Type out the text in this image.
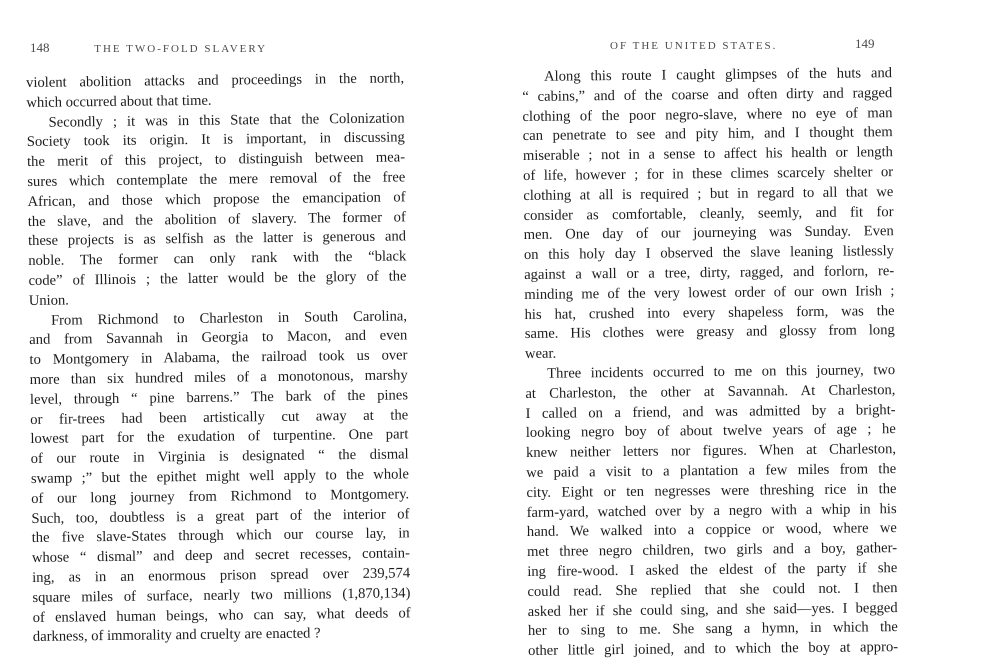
148	THE TWO-FOLD SLAVERY
violent abolition attacks and proceedings in the north,
which occurred about that time.
Secondly ; it was in this State that the Colonization
Society took its origin. It is important, in discussing
the merit of this project, to distinguish between mea-
sures which contemplate the mere removal of the free
African, and those which propose the emancipation of
the slave, and the abolition of slavery. The former of
these projects is as selfish as the latter is generous and
noble. The former can only rank with the “black
code” of Illinois ; the latter would be the glory of the
Union.
From Richmond to Charleston in South Carolina,
and from Savannah in Georgia to Macon, and even
to Montgomery in Alabama, the railroad took us over
more than six hundred miles of a monotonous, marshy
level, through “ pine barrens.” The bark of the pines
or fir-trees had been artistically cut away at the
lowest part for the exudation of turpentine. One part
of our route in Virginia is designated “ the dismal
swamp ;” but the epithet might well apply to the whole
of our long journey from Richmond to Montgomery.
Such, too, doubtless is a great part of the interior of
the five slave-States through which our course lay, in
whose “ dismal” and deep and secret recesses, contain-
ing, as in an enormous prison spread over 239,574
square miles of surface, nearly two millions (1,870,134)
of enslaved human beings, who can say, what deeds of
darkness, of immorality and cruelty are enacted ?
OF THE UNITED STATES.	149
Along this route I caught glimpses of the huts and
“ cabins,” and of the coarse and often dirty and ragged
clothing of the poor negro-slave, where no eye of man
can penetrate to see and pity him, and I thought them
miserable ; not in a sense to affect his health or length
of life, however ; for in these climes scarcely shelter or
clothing at all is required ; but in regard to all that we
consider as comfortable, cleanly, seemly, and fit for
men. One day of our journeying was Sunday. Even
on this holy day I observed the slave leaning listlessly
against a wall or a tree, dirty, ragged, and forlorn, re-
minding me of the very lowest order of our own Irish ;
his hat, crushed into every shapeless form, was the
same. His clothes were greasy and glossy from long
wear.
Three incidents occurred to me on this journey, two
at Charleston, the other at Savannah. At Charleston,
I called on a friend, and was admitted by a bright-
looking negro boy of about twelve years of age ; he
knew neither letters nor figures. When at Charleston,
we paid a visit to a plantation a few miles from the
city. Eight or ten negresses were threshing rice in the
farm-yard, watched over by a negro with a whip in his
hand. We walked into a coppice or wood, where we
met three negro children, two girls and a boy, gather-
ing fire-wood. I asked the eldest of the party if she
could read. She replied that she could not. I then
asked her if she could sing, and she said—yes. I begged
her to sing to me. She sang a hymn, in which the
other little girl joined, and to which the boy at appro-
